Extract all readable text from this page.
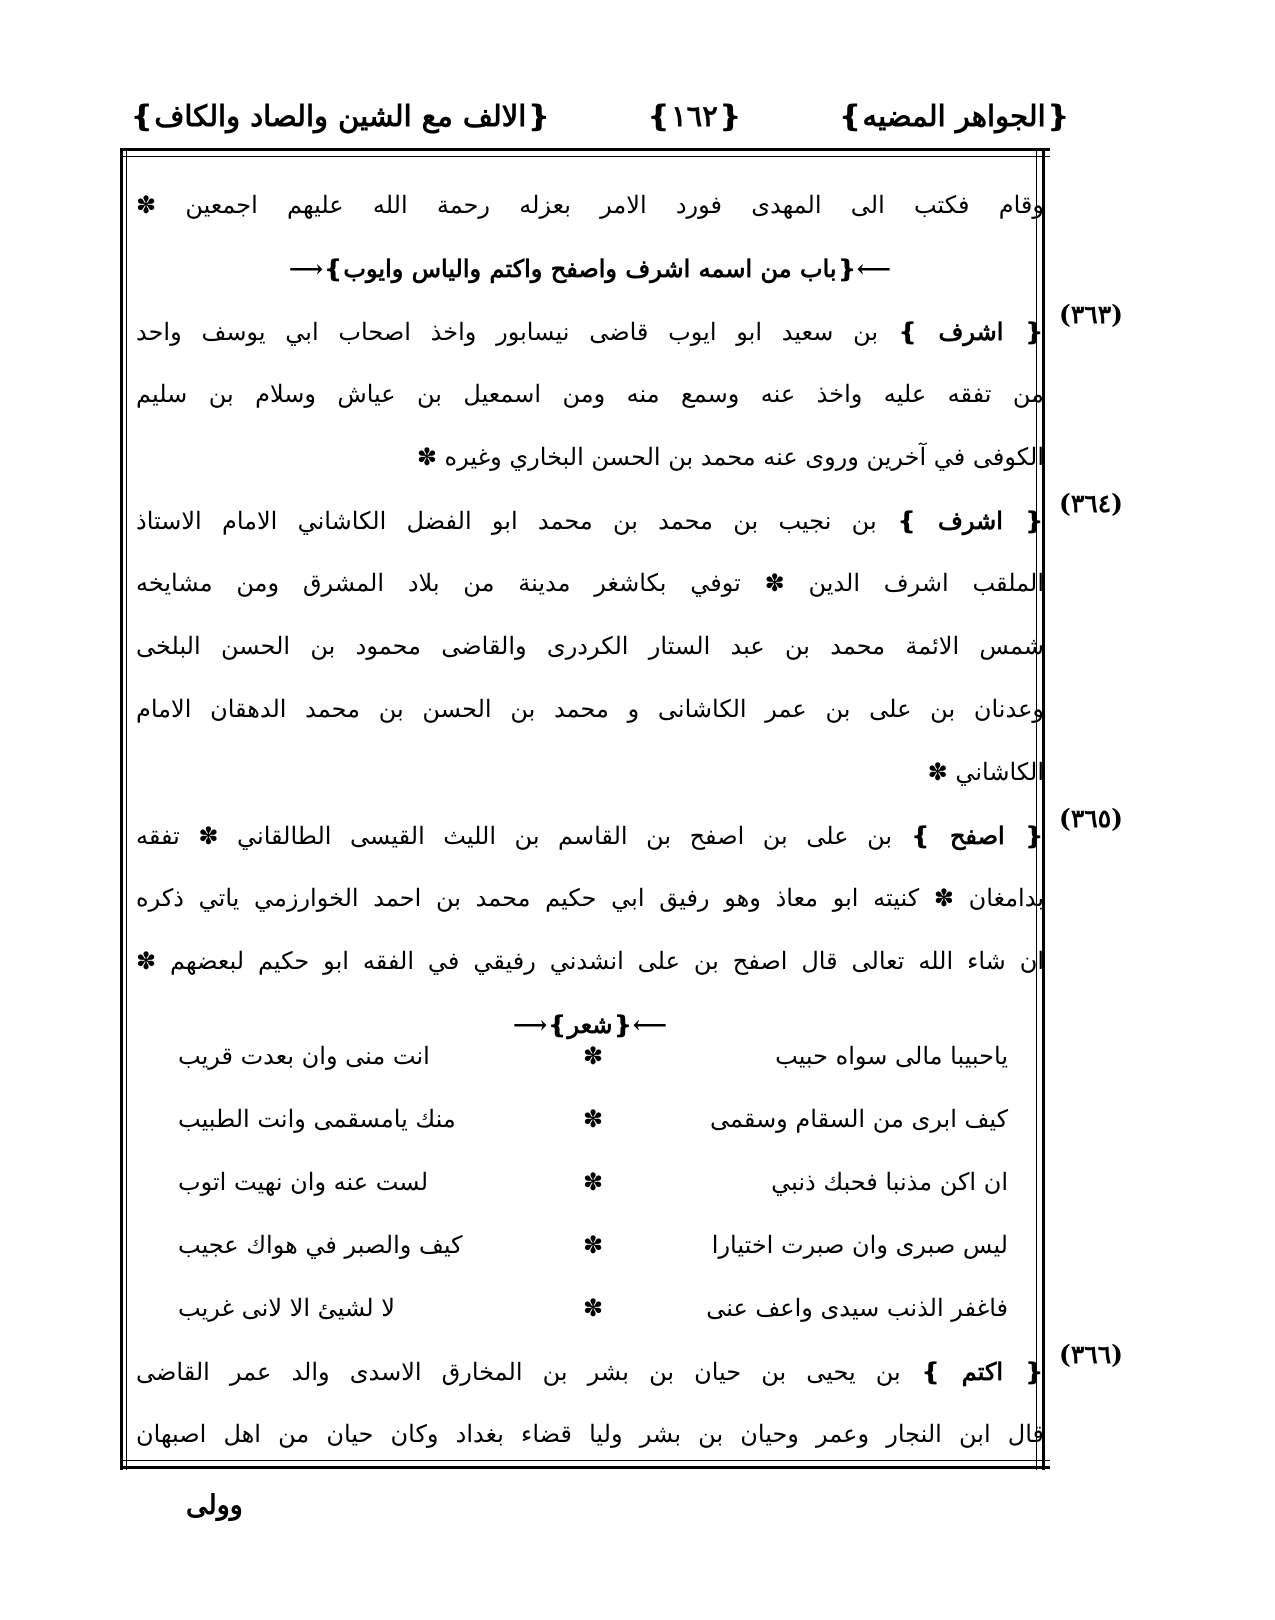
❴الجواهر المضيه❵
❴١٦٢❵
❴الالف مع الشين والصاد والكاف❵
وقام فكتب الى المهدى فورد الامر بعزله رحمة الله عليهم اجمعين ✽
⟵❴باب من اسمه اشرف واصفح واكتم والياس وايوب❵⟶
❴ اشرف ❵ بن سعيد ابو ايوب قاضى نيسابور واخذ اصحاب ابي يوسف واحد
من تفقه عليه واخذ عنه وسمع منه ومن اسمعيل بن عياش وسلام بن سليم
الكوفى في آخرين وروى عنه محمد بن الحسن البخاري وغيره ✽
❴ اشرف ❵ بن نجيب بن محمد بن محمد ابو الفضل الكاشاني الامام الاستاذ
الملقب اشرف الدين ✽ توفي بكاشغر مدينة من بلاد المشرق ومن مشايخه
شمس الائمة محمد بن عبد الستار الكردرى والقاضى محمود بن الحسن البلخى
وعدنان بن على بن عمر الكاشانى و محمد بن الحسن بن محمد الدهقان الامام
الكاشاني ✽
❴ اصفح ❵ بن على بن اصفح بن القاسم بن الليث القيسى الطالقاني ✽ تفقه
بدامغان ✽ كنيته ابو معاذ وهو رفيق ابي حكيم محمد بن احمد الخوارزمي ياتي ذكره
ان شاء الله تعالى قال اصفح بن على انشدني رفيقي في الفقه ابو حكيم لبعضهم ✽
⟵❴شعر❵⟶
ياحبيبا مالى سواه حبيب
✽
انت منى وان بعدت قريب
كيف ابرى من السقام وسقمى
✽
منك يامسقمى وانت الطبيب
ان اكن مذنبا فحبك ذنبي
✽
لست عنه وان نهيت اتوب
ليس صبرى وان صبرت اختيارا
✽
كيف والصبر في هواك عجيب
فاغفر الذنب سيدى واعف عنى
✽
لا لشيئ الا لانى غريب
❴ اكتم ❵ بن يحيى بن حيان بن بشر بن المخارق الاسدى والد عمر القاضى
قال ابن النجار وعمر وحيان بن بشر وليا قضاء بغداد وكان حيان من اهل اصبهان
(٣٦٣)
(٣٦٤)
(٣٦٥)
(٣٦٦)
وولى
